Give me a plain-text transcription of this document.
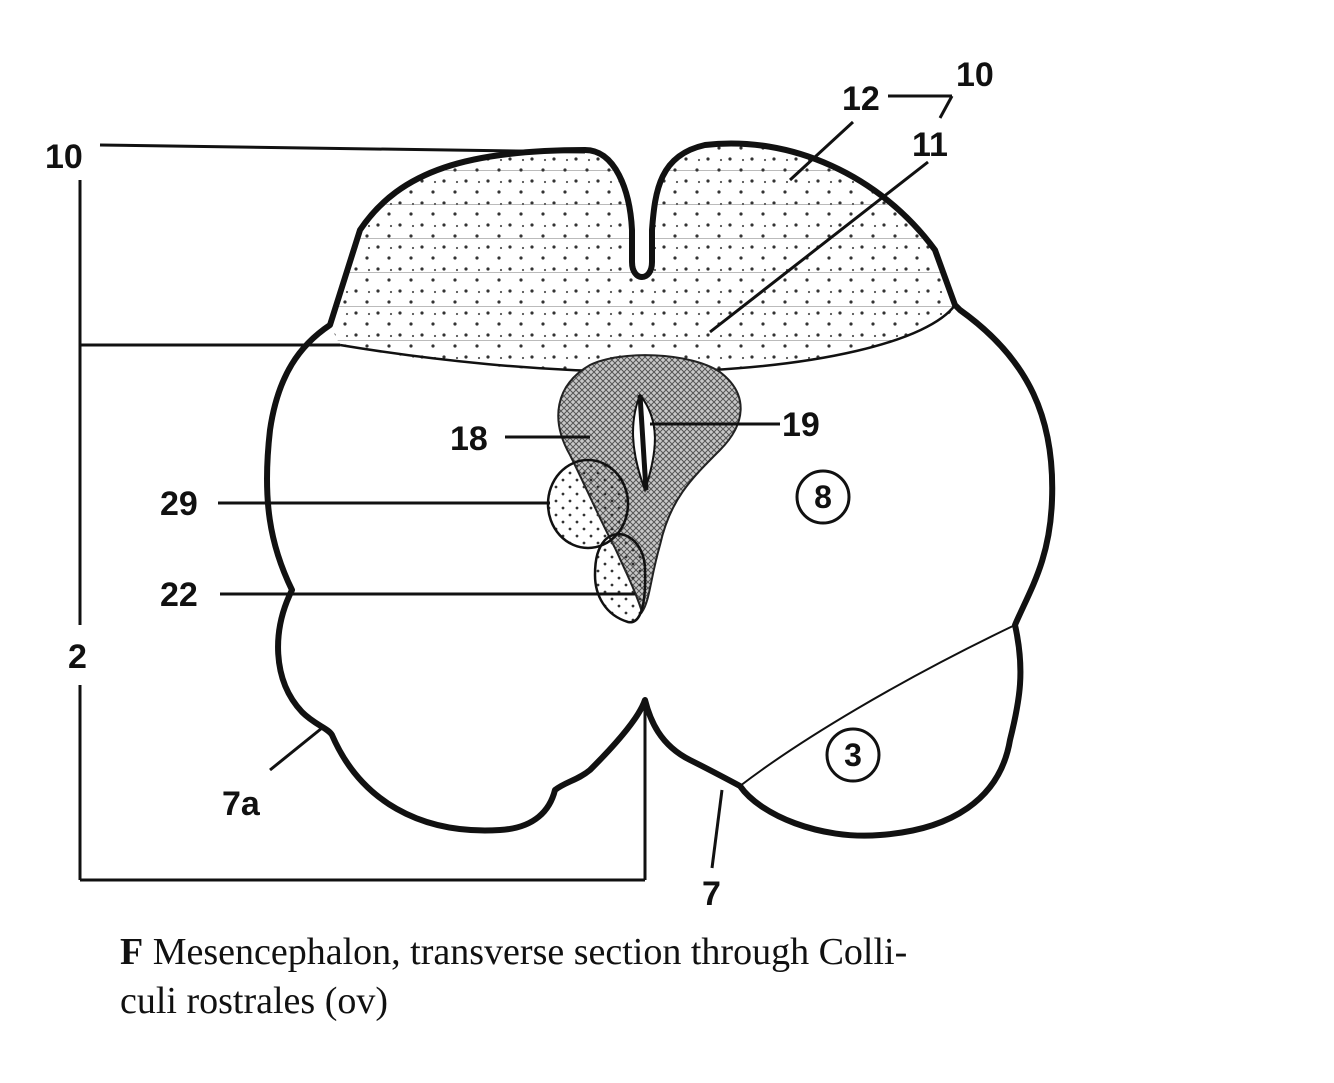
10
10
12
11
2
18	19
29
22
7a
7
8
3
F Mesencephalon, transverse section through Colli-
culi rostrales (ov)
